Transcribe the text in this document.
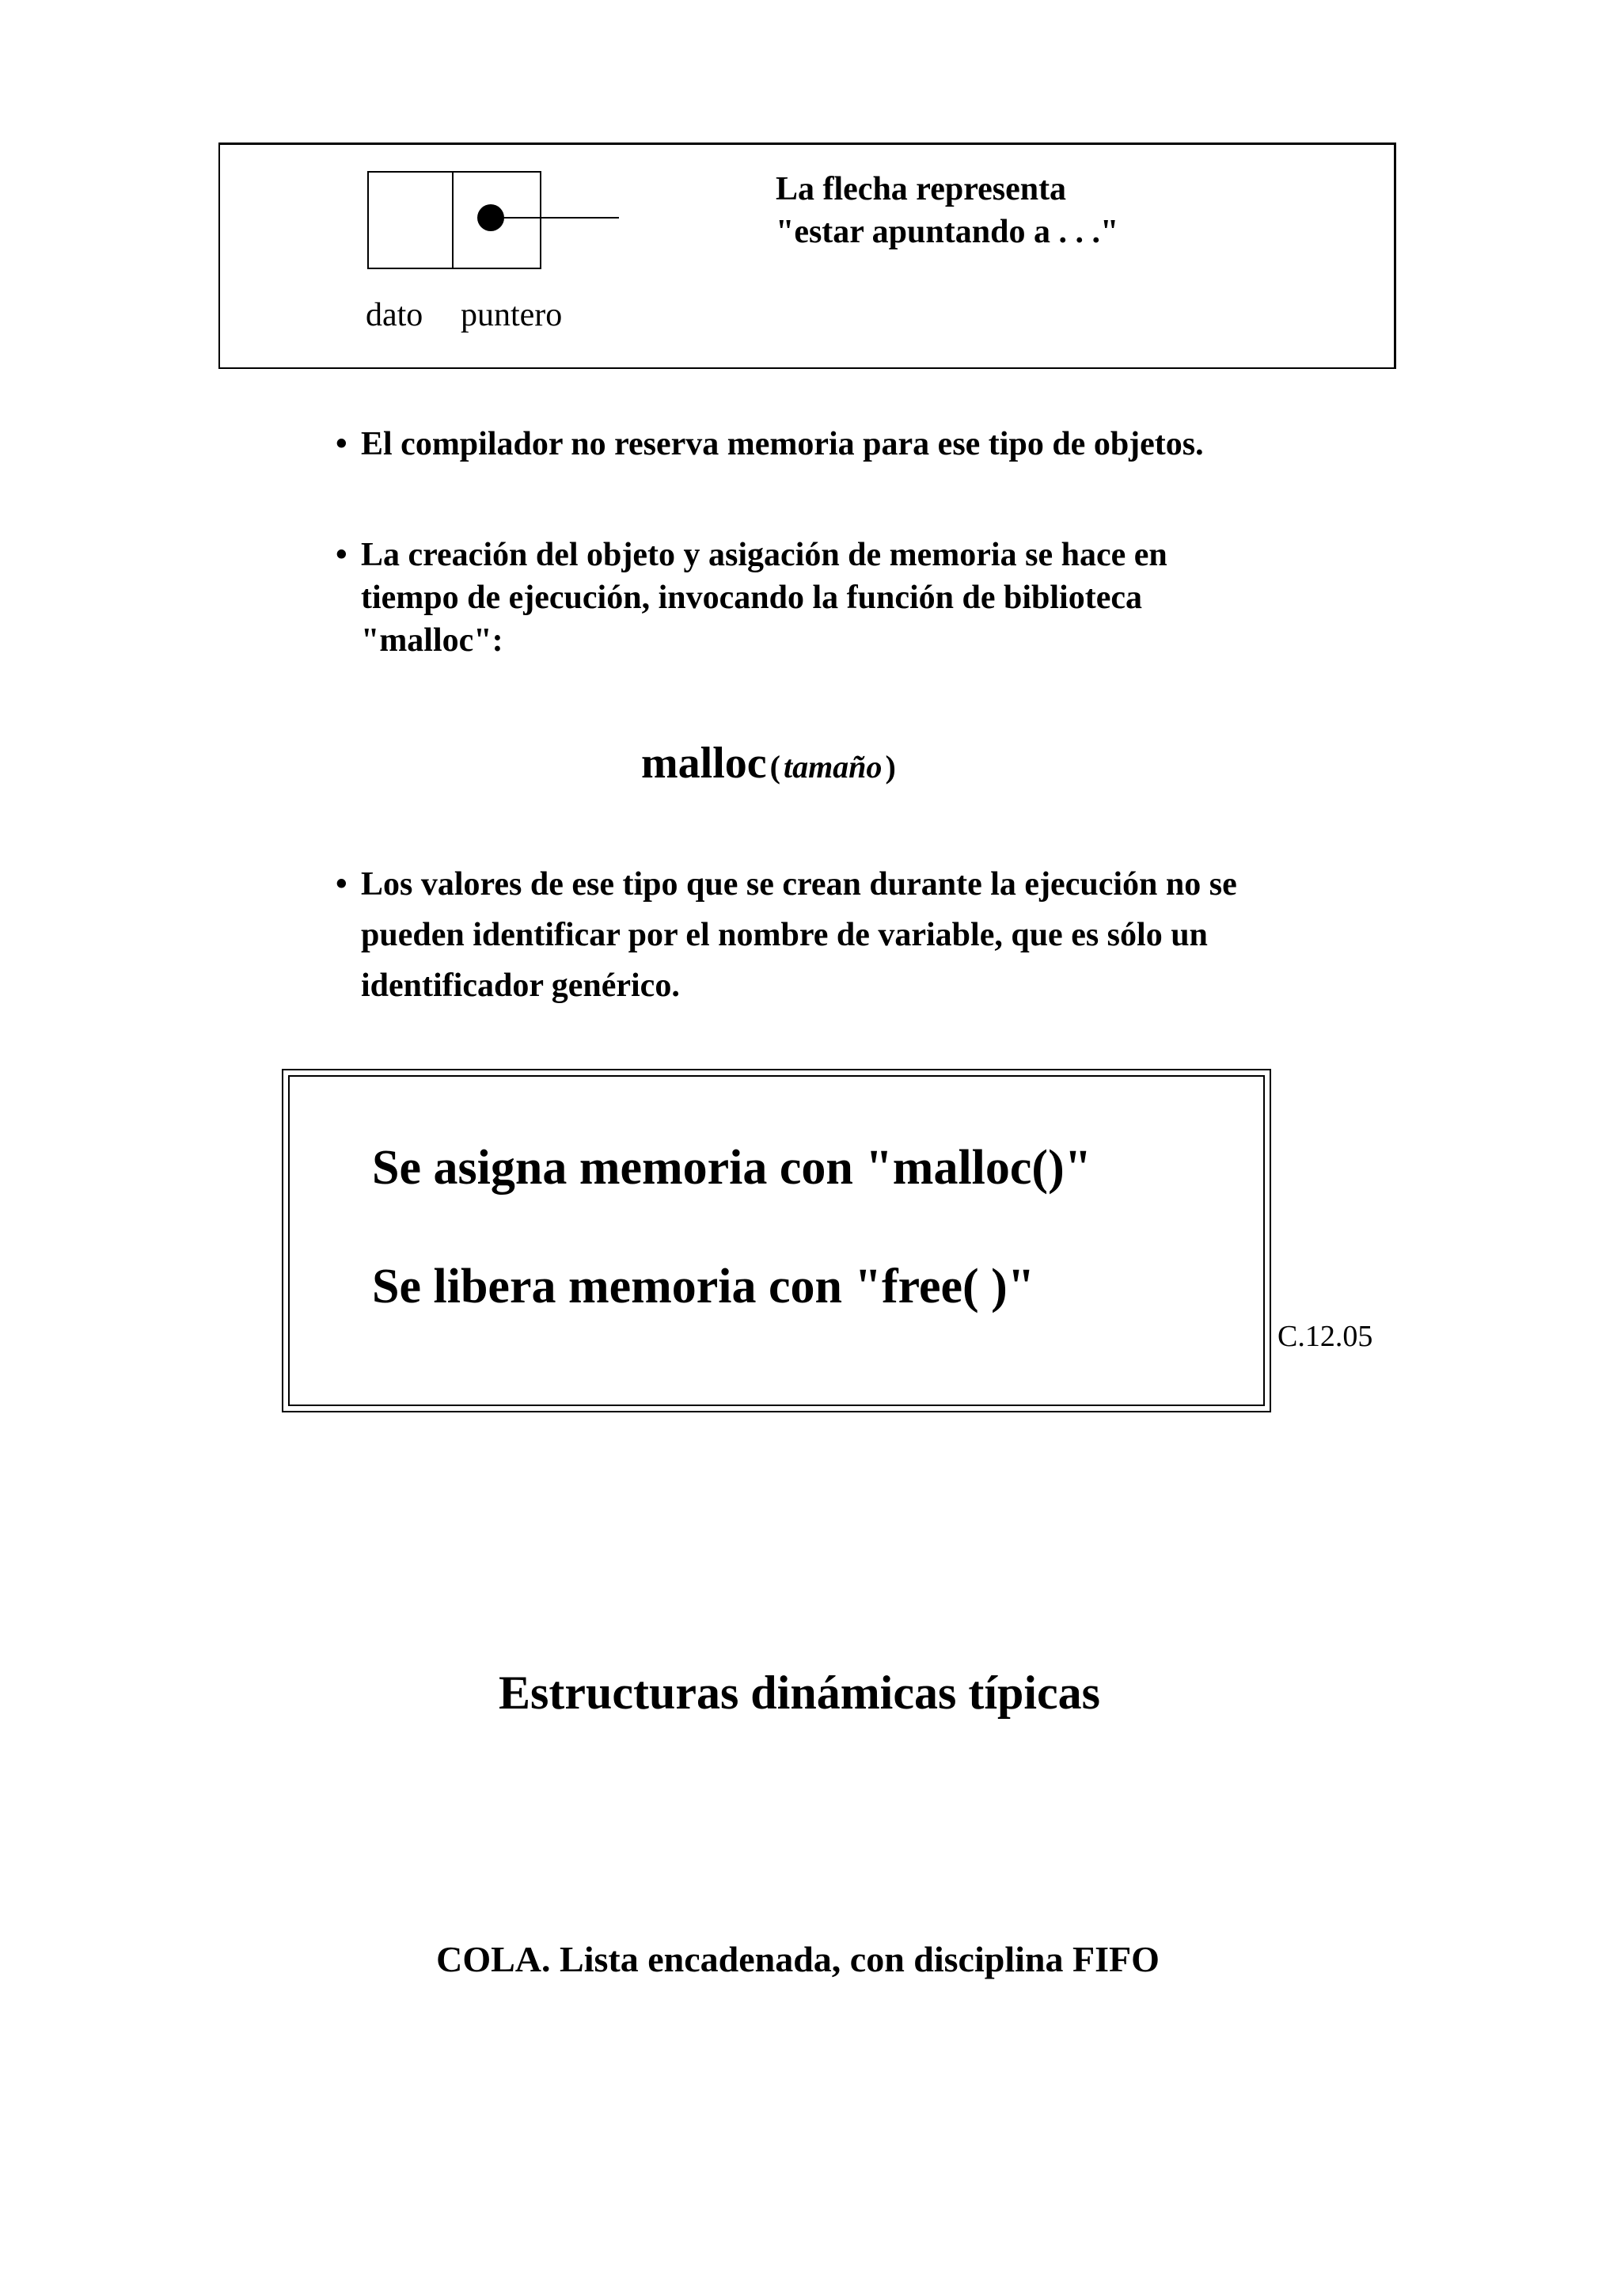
dato puntero
La flecha representa
"estar apuntando a . . ."
• El compilador no reserva memoria para ese tipo de objetos.
• La creación del objeto y asigación de memoria se hace en
tiempo de ejecución, invocando la función de biblioteca
"malloc":
malloc ( tamaño )
• Los valores de ese tipo que se crean durante la ejecución no se
pueden identificar por el nombre de variable, que es sólo un
identificador genérico.
Se asigna memoria con "malloc()"
Se libera memoria con "free( )"
C.12.05
Estructuras dinámicas típicas
COLA. Lista encadenada, con disciplina FIFO
